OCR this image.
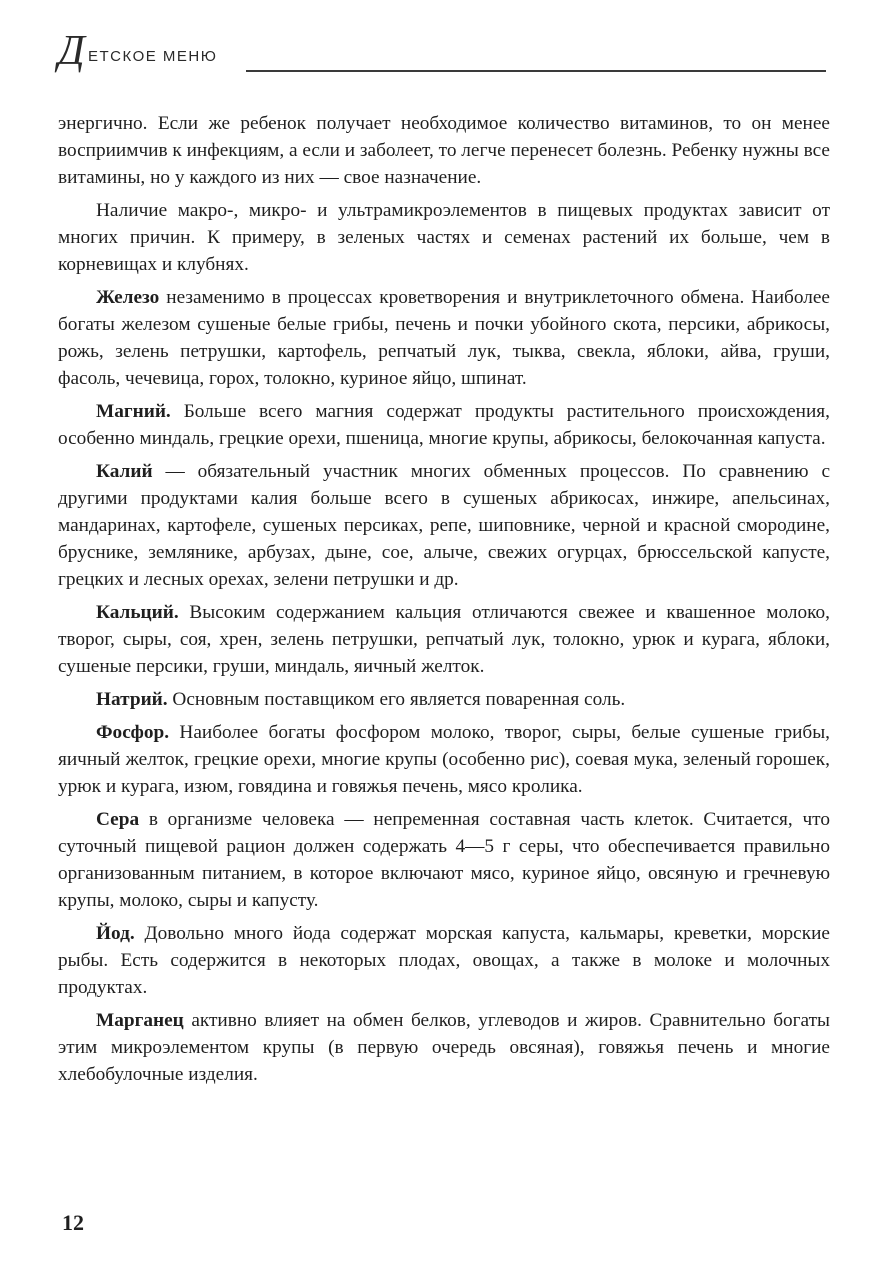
Д ЕТСКОЕ МЕНЮ

энергично. Если же ребенок получает необходимое количество витаминов, то он менее восприимчив к инфекциям, а если и заболеет, то легче перенесет болезнь. Ребенку нужны все витамины, но у каждого из них — свое назначение.

Наличие макро-, микро- и ультрамикроэлементов в пищевых продуктах зависит от многих причин. К примеру, в зеленых частях и семенах растений их больше, чем в корневищах и клубнях.

Железо незаменимо в процессах кроветворения и внутриклеточного обмена. Наиболее богаты железом сушеные белые грибы, печень и почки убойного скота, персики, абрикосы, рожь, зелень петрушки, картофель, репчатый лук, тыква, свекла, яблоки, айва, груши, фасоль, чечевица, горох, толокно, куриное яйцо, шпинат.

Магний. Больше всего магния содержат продукты растительного происхождения, особенно миндаль, грецкие орехи, пшеница, многие крупы, абрикосы, белокочанная капуста.

Калий — обязательный участник многих обменных процессов. По сравнению с другими продуктами калия больше всего в сушеных абрикосах, инжире, апельсинах, мандаринах, картофеле, сушеных персиках, репе, шиповнике, черной и красной смородине, бруснике, землянике, арбузах, дыне, сое, алыче, свежих огурцах, брюссельской капусте, грецких и лесных орехах, зелени петрушки и др.

Кальций. Высоким содержанием кальция отличаются свежее и квашенное молоко, творог, сыры, соя, хрен, зелень петрушки, репчатый лук, толокно, урюк и курага, яблоки, сушеные персики, груши, миндаль, яичный желток.

Натрий. Основным поставщиком его является поваренная соль.

Фосфор. Наиболее богаты фосфором молоко, творог, сыры, белые сушеные грибы, яичный желток, грецкие орехи, многие крупы (особенно рис), соевая мука, зеленый горошек, урюк и курага, изюм, говядина и говяжья печень, мясо кролика.

Сера в организме человека — непременная составная часть клеток. Считается, что суточный пищевой рацион должен содержать 4—5 г серы, что обеспечивается правильно организованным питанием, в которое включают мясо, куриное яйцо, овсяную и гречневую крупы, молоко, сыры и капусту.

Йод. Довольно много йода содержат морская капуста, кальмары, креветки, морские рыбы. Есть содержится в некоторых плодах, овощах, а также в молоке и молочных продуктах.

Марганец активно влияет на обмен белков, углеводов и жиров. Сравнительно богаты этим микроэлементом крупы (в первую очередь овсяная), говяжья печень и многие хлебобулочные изделия.

12
